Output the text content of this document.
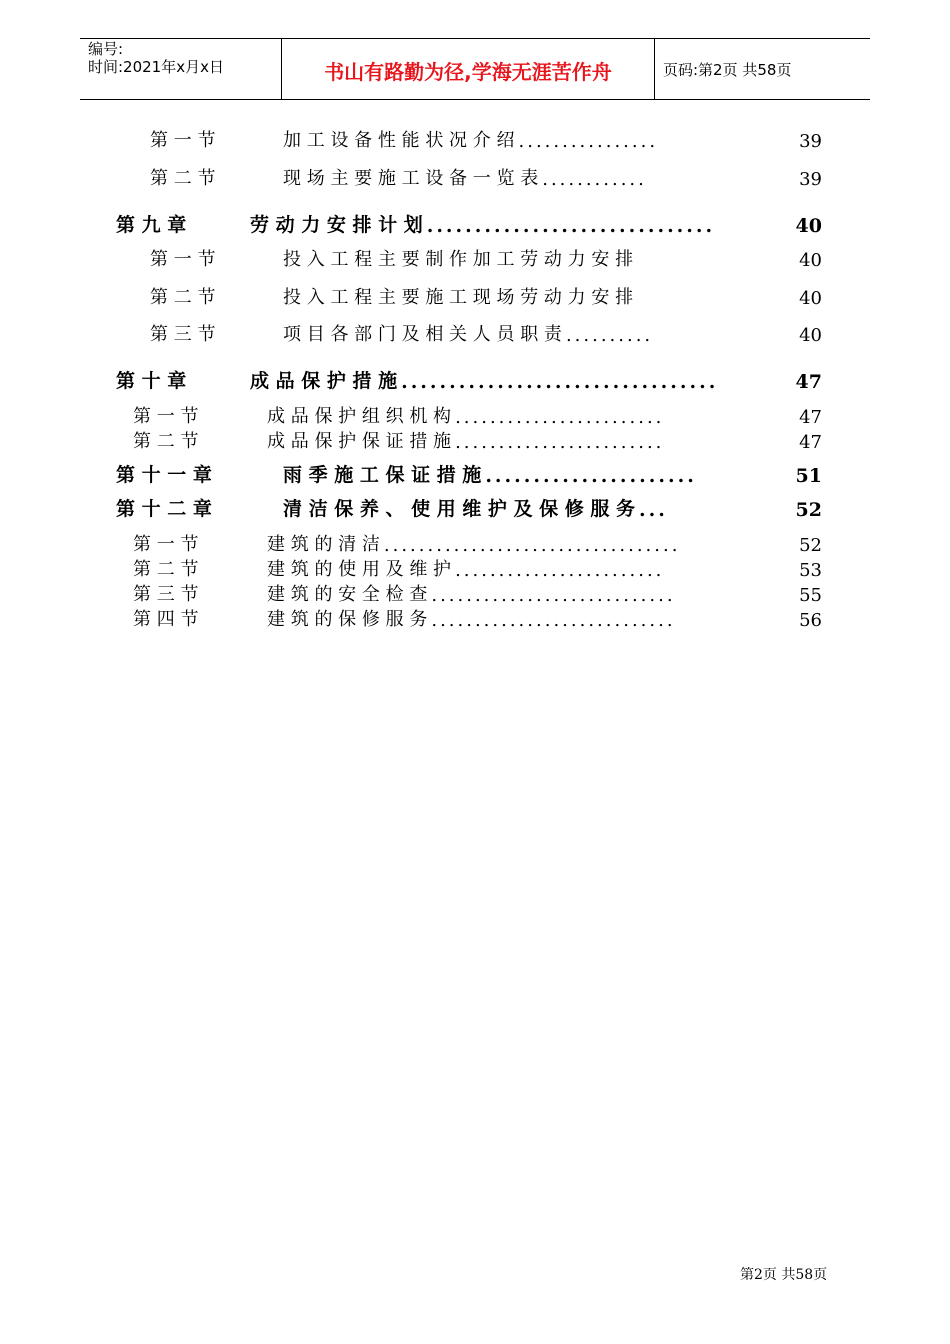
编号:
时间:2021年x月x日	书山有路勤为径,学海无涯苦作舟	页码:第2页 共58页
第 一 节	加 工 设 备 性 能 状 况 介 绍 ................	39
第 二 节	现 场 主 要 施 工 设 备 一 览 表 ............	39
第 九 章	劳 动 力 安 排 计 划 ..............................	40
第 一 节	投 入 工 程 主 要 制 作 加 工 劳 动 力 安 排	40
第 二 节	投 入 工 程 主 要 施 工 现 场 劳 动 力 安 排	40
第 三 节	项 目 各 部 门 及 相 关 人 员 职 责 ..........	40
第 十 章	成 品 保 护 措 施 .................................	47
第 一 节	成 品 保 护 组 织 机 构 ........................	47
第 二 节	成 品 保 护 保 证 措 施 ........................	47
第 十 一 章	雨 季 施 工 保 证 措 施 ......................	51
第 十 二 章	清 洁 保 养 、 使 用 维 护 及 保 修 服 务 ...	52
第 一 节	建 筑 的 清 洁 ..................................	52
第 二 节	建 筑 的 使 用 及 维 护 ........................	53
第 三 节	建 筑 的 安 全 检 查 ............................	55
第 四 节	建 筑 的 保 修 服 务 ............................	56
第2页 共58页
